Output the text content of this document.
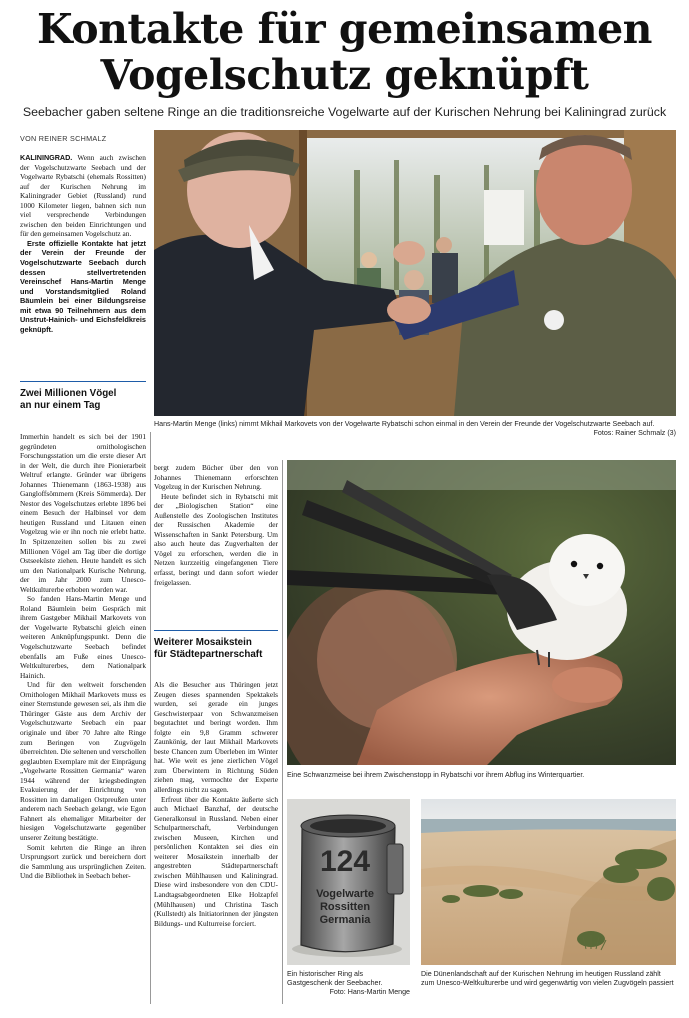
Kontakte für gemeinsamen
Vogelschutz geknüpft
Seebacher gaben seltene Ringe an die traditionsreiche Vogelwarte auf der Kurischen Nehrung bei Kaliningrad zurück
VON REINER SCHMALZ
Hans-Martin Menge (links) nimmt Mikhail Markovets von der Vogelwarte Rybatschi schon einmal in den Verein der Freunde der Vogelschutzwarte Seebach auf.
Fotos: Rainer Schmalz (3)

KALININGRAD. Wenn auch zwischen der Vogelschutzwarte Seebach und der Vogelwarte Rybatschi (ehemals Rossitten) auf der Kurischen Nehrung im Kaliningrader Gebiet (Russland) rund 1000 Kilometer liegen, bahnen sich nun viel versprechende Verbindungen zwischen den beiden Einrichtungen und für den gemeinsamen Vogelschutz an.

Erste offizielle Kontakte hat jetzt der Verein der Freunde der Vogelschutzwarte Seebach durch dessen stellvertretenden Vereinschef Hans-Martin Menge und Vorstandsmitglied Roland Bäumlein bei einer Bildungsreise mit etwa 90 Teilnehmern aus dem Unstrut-Hainich- und Eichsfeldkreis geknüpft.

Zwei Millionen Vögel
an nur einem Tag

Immerhin handelt es sich bei der 1901 gegründeten ornithologischen Forschungsstation um die erste dieser Art in der Welt, die durch ihre Pionierarbeit Weltruf erlangte. Gründer war übrigens Johannes Thienemann (1863-1938) aus Gangloffsömmern (Kreis Sömmerda). Der Nestor des Vogelschutzes erlebte 1896 bei einem Besuch der Halbinsel vor dem heutigen Russland und Litauen einen Vogelzug wie er ihn noch nie erlebt hatte. In Spitzenzeiten sollen bis zu zwei Millionen Vögel am Tag über die dortige Ostseeküste ziehen. Heute handelt es sich um den Nationalpark Kurische Nehrung, der im Jahr 2000 zum Unesco-Weltkulturerbe erhoben worden war.

So fanden Hans-Martin Menge und Roland Bäumlein beim Gespräch mit ihrem Gastgeber Mikhail Markovets von der Vogelwarte Rybatschi gleich einen weiteren Anknüpfungspunkt. Denn die Vogelschutzwarte Seebach befindet ebenfalls am Fuße eines Unesco-Weltkulturerbes, dem Nationalpark Hainich.

Und für den weltweit forschenden Ornithologen Mikhail Markovets muss es einer Sternstunde gewesen sei, als ihm die Thüringer Gäste aus dem Archiv der Vogelschutzwarte Seebach ein paar originale und über 70 Jahre alte Ringe zum Beringen von Zugvögeln überreichten. Die seltenen und verschollen geglaubten Exemplare mit der Einprägung „Vogelwarte Rossitten Germania“ waren 1944 während der kriegsbedingten Evakuierung der Einrichtung von Rossitten im damaligen Ostpreußen unter anderem nach Seebach gelangt, wie Egon Fahnert als ehemaliger Mitarbeiter der hiesigen Vogelschutzwarte gegenüber unserer Zeitung bestätigte.

Somit kehrten die Ringe an ihren Ursprungsort zurück und bereichern dort die Sammlung aus ursprünglichen Zeiten. Und die Bibliothek in Seebach beher-

bergt zudem Bücher über den von Johannes Thienemann erforschten Vogelzug in der Kurischen Nehrung.

Heute befindet sich in Rybatschi mit der „Biologischen Station“ eine Außenstelle des Zoologischen Institutes der Russischen Akademie der Wissenschaften in Sankt Petersburg. Um also auch heute das Zugverhalten der Vögel zu erforschen, werden die in Netzen kurzzeitig eingefangenen Tiere erfasst, beringt und dann sofort wieder freigelassen.

Weiterer Mosaikstein
für Städtepartnerschaft

Als die Besucher aus Thüringen jetzt Zeugen dieses spannenden Spektakels wurden, sei gerade ein junges Geschwisterpaar von Schwanzmeisen begutachtet und beringt worden. Ihm folgte ein 9,8 Gramm schwerer Zaunkönig, der laut Mikhail Markovets beste Chancen zum Überleben im Winter hat. Wie weit es jene zierlichen Vögel zum Überwintern in Richtung Süden ziehen mag, vermochte der Experte allerdings nicht zu sagen.

Erfreut über die Kontakte äußerte sich auch Michael Banzhaf, der deutsche Generalkonsul in Russland. Neben einer Schulpartnerschaft, Verbindungen zwischen Museen, Kirchen und persönlichen Kontakten sei dies ein weiterer Mosaikstein innerhalb der angestrebten Städtepartnerschaft zwischen Mühlhausen und Kaliningrad. Diese wird insbesondere von den CDU-Landtagsabgeordneten Elke Holzapfel (Mühlhausen) und Christina Tasch (Kullstedt) als Initiatorinnen der jüngsten Bildungs- und Kulturreise forciert.

Eine Schwanzmeise bei ihrem Zwischenstopp in Rybatschi vor ihrem Abflug ins Winterquartier.
124
Vogelwarte
Rossitten
Germania
Ein historischer Ring als Gastgeschenk der Seebacher.
Foto: Hans-Martin Menge
Die Dünenlandschaft auf der Kurischen Nehrung im heutigen Russland zählt zum Unesco-Weltkulturerbe und wird gegenwärtig von vielen Zugvögeln passiert
